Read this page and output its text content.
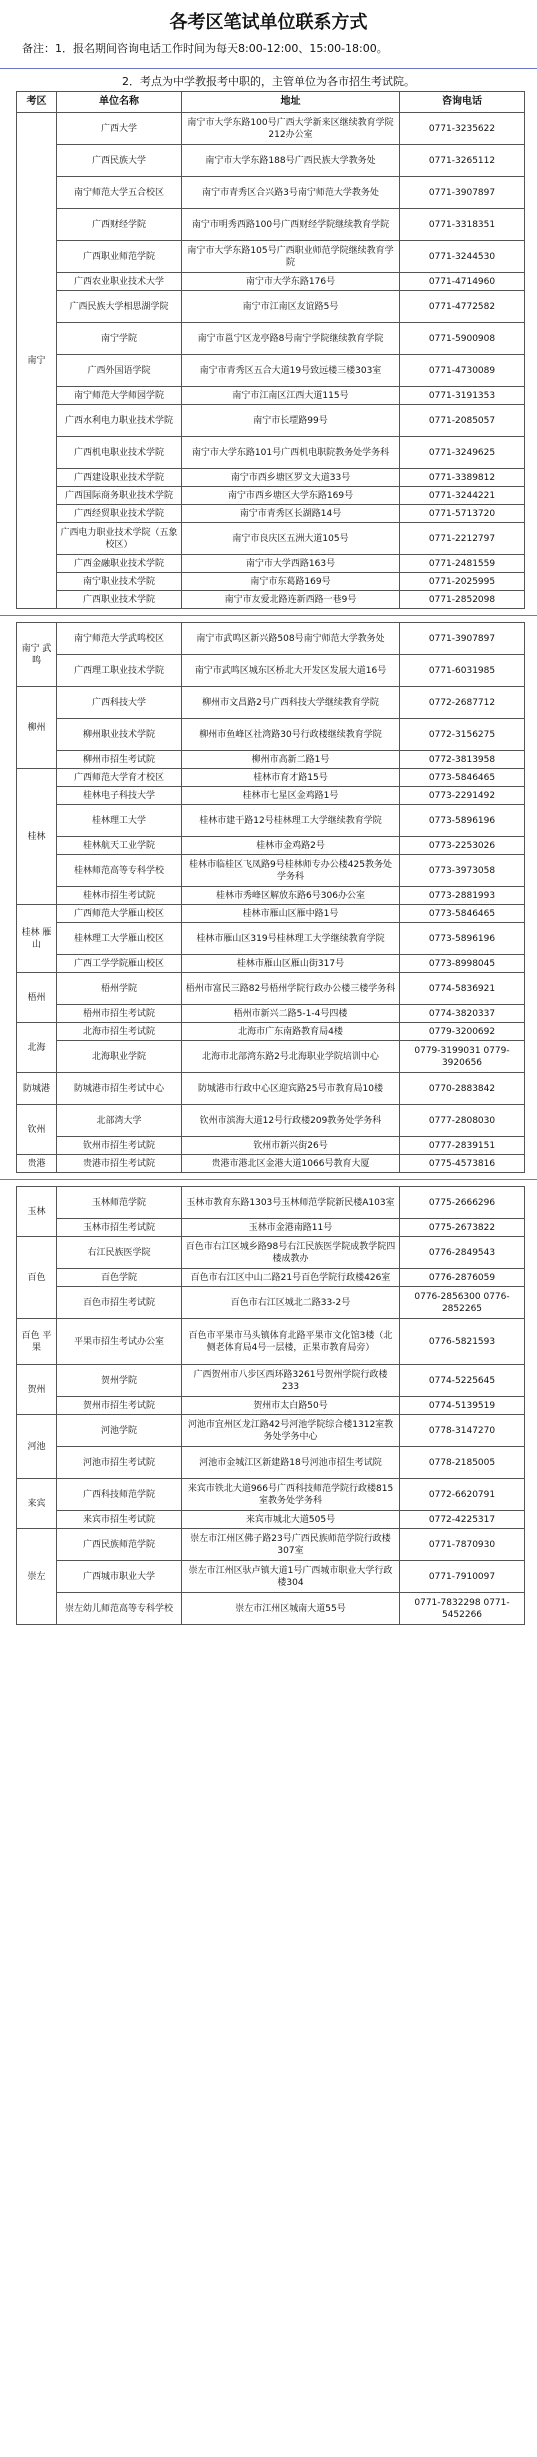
各考区笔试单位联系方式
备注：1．报名期间咨询电话工作时间为每天8:00-12:00、15:00-18:00。
2．考点为中学教报考中职的，主管单位为各市招生考试院。
考区	单位名称	地址	咨询电话
南宁	广西大学	南宁市大学东路100号广西大学新来区继续教育学院212办公室	0771-3235622
	广西民族大学	南宁市大学东路188号广西民族大学教务处	0771-3265112
	南宁师范大学五合校区	南宁市青秀区合兴路3号南宁师范大学教务处	0771-3907897
	广西财经学院	南宁市明秀西路100号广西财经学院继续教育学院	0771-3318351
	广西职业师范学院	南宁市大学东路105号广西职业师范学院继续教育学院	0771-3244530
	广西农业职业技术大学	南宁市大学东路176号	0771-4714960
	广西民族大学相思湖学院	南宁市江南区友谊路5号	0771-4772582
	南宁学院	南宁市邕宁区龙亭路8号南宁学院继续教育学院	0771-5900908
	广西外国语学院	南宁市青秀区五合大道19号致远楼三楼303室	0771-4730089
	南宁师范大学师园学院	南宁市江南区江西大道115号	0771-3191353
	广西水利电力职业技术学院	南宁市长堽路99号	0771-2085057
	广西机电职业技术学院	南宁市大学东路101号广西机电职院教务处学务科	0771-3249625
	广西建设职业技术学院	南宁市西乡塘区罗文大道33号	0771-3389812
	广西国际商务职业技术学院	南宁市西乡塘区大学东路169号	0771-3244221
	广西经贸职业技术学院	南宁市青秀区长湖路14号	0771-5713720
	广西电力职业技术学院（五象校区）	南宁市良庆区五洲大道105号	0771-2212797
	广西金融职业技术学院	南宁市大学西路163号	0771-2481559
	南宁职业技术学院	南宁市东葛路169号	0771-2025995
	广西职业技术学院	南宁市友爱北路连新西路一巷9号	0771-2852098
南宁 武鸣	南宁师范大学武鸣校区	南宁市武鸣区新兴路508号南宁师范大学教务处	0771-3907897
	广西理工职业技术学院	南宁市武鸣区城东区桥北大开发区发展大道16号	0771-6031985
柳州	广西科技大学	柳州市文昌路2号广西科技大学继续教育学院	0772-2687712
	柳州职业技术学院	柳州市鱼峰区社湾路30号行政楼继续教育学院	0772-3156275
	柳州市招生考试院	柳州市高新二路1号	0772-3813958
桂林	广西师范大学育才校区	桂林市育才路15号	0773-5846465
	桂林电子科技大学	桂林市七星区金鸡路1号	0773-2291492
	桂林理工大学	桂林市建干路12号桂林理工大学继续教育学院	0773-5896196
	桂林航天工业学院	桂林市金鸡路2号	0773-2253026
	桂林师范高等专科学校	桂林市临桂区飞凤路9号桂林师专办公楼425教务处学务科	0773-3973058
	桂林市招生考试院	桂林市秀峰区解放东路6号306办公室	0773-2881993
桂林 雁山	广西师范大学雁山校区	桂林市雁山区雁中路1号	0773-5846465
	桂林理工大学雁山校区	桂林市雁山区319号桂林理工大学继续教育学院	0773-5896196
	广西工学学院雁山校区	桂林市雁山区雁山街317号	0773-8998045
梧州	梧州学院	梧州市富民三路82号梧州学院行政办公楼三楼学务科	0774-5836921
	梧州市招生考试院	梧州市新兴二路5-1-4号四楼	0774-3820337
北海	北海市招生考试院	北海市广东南路教育局4楼	0779-3200692
	北海职业学院	北海市北部湾东路2号北海职业学院培训中心	0779-3199031 0779-3920656
防城港	防城港市招生考试中心	防城港市行政中心区迎宾路25号市教育局10楼	0770-2883842
钦州	北部湾大学	钦州市滨海大道12号行政楼209教务处学务科	0777-2808030
	钦州市招生考试院	钦州市新兴街26号	0777-2839151
贵港	贵港市招生考试院	贵港市港北区金港大道1066号教育大厦	0775-4573816
玉林	玉林师范学院	玉林市教育东路1303号玉林师范学院新民楼A103室	0775-2666296
	玉林市招生考试院	玉林市金港南路11号	0775-2673822
百色	右江民族医学院	百色市右江区城乡路98号右江民族医学院成教学院四楼成教办	0776-2849543
	百色学院	百色市右江区中山二路21号百色学院行政楼426室	0776-2876059
	百色市招生考试院	百色市右江区城北二路33-2号	0776-2856300 0776-2852265
百色 平果	平果市招生考试办公室	百色市平果市马头镇体育北路平果市文化馆3楼（北侧老体育局4号一层楼，正果市教育局旁）	0776-5821593
贺州	贺州学院	广西贺州市八步区西环路3261号贺州学院行政楼233	0774-5225645
	贺州市招生考试院	贺州市太白路50号	0774-5139519
河池	河池学院	河池市宜州区龙江路42号河池学院综合楼1312室教务处学务中心	0778-3147270
	河池市招生考试院	河池市金城江区新建路18号河池市招生考试院	0778-2185005
来宾	广西科技师范学院	来宾市铁北大道966号广西科技师范学院行政楼815室教务处学务科	0772-6620791
	来宾市招生考试院	来宾市城北大道505号	0772-4225317
崇左	广西民族师范学院	崇左市江州区佛子路23号广西民族师范学院行政楼307室	0771-7870930
	广西城市职业大学	崇左市江州区驮卢镇大道1号广西城市职业大学行政楼304	0771-7910097
	崇左幼儿师范高等专科学校	崇左市江州区城南大道55号	0771-7832298 0771-5452266
